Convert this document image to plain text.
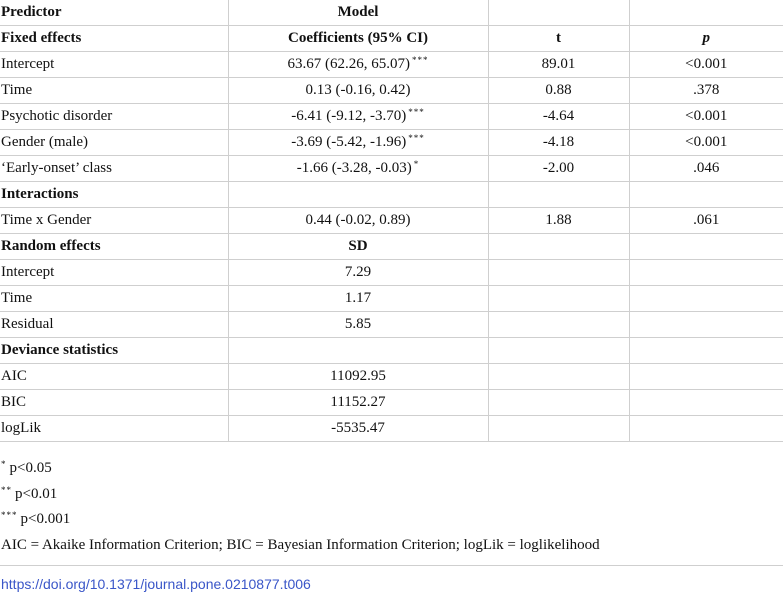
Predictor	Model		
Fixed effects	Coefficients (95% CI)	t	p
Intercept	63.67 (62.26, 65.07) ***	89.01	<0.001
Time	0.13 (-0.16, 0.42)	0.88	.378
Psychotic disorder	-6.41 (-9.12, -3.70) ***	-4.64	<0.001
Gender (male)	-3.69 (-5.42, -1.96) ***	-4.18	<0.001
‘Early-onset’ class	-1.66 (-3.28, -0.03) *	-2.00	.046
Interactions			
Time x Gender	0.44 (-0.02, 0.89)	1.88	.061
Random effects	SD		
Intercept	7.29		
Time	1.17		
Residual	5.85		
Deviance statistics			
AIC	11092.95		
BIC	11152.27		
logLik	-5535.47		
* p<0.05
** p<0.01
*** p<0.001
AIC = Akaike Information Criterion; BIC = Bayesian Information Criterion; logLik = loglikelihood
https://doi.org/10.1371/journal.pone.0210877.t006
